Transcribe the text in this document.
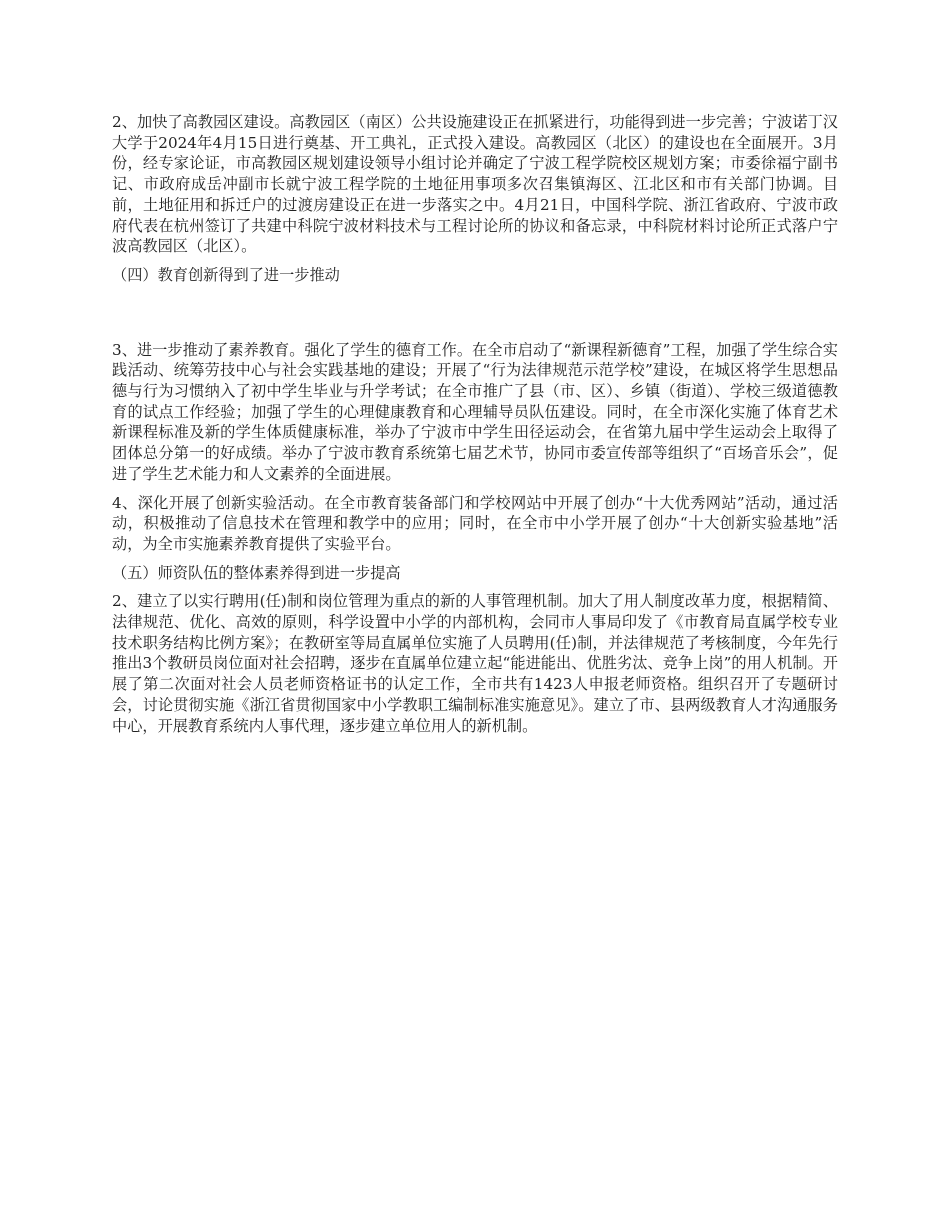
2、加快了高教园区建设。高教园区（南区）公共设施建设正在抓紧进行，功能得到进一步完善；宁波诺丁汉大学于2024年4月15日进行奠基、开工典礼，正式投入建设。高教园区（北区）的建设也在全面展开。3月份，经专家论证，市高教园区规划建设领导小组讨论并确定了宁波工程学院校区规划方案；市委徐福宁副书记、市政府成岳冲副市长就宁波工程学院的土地征用事项多次召集镇海区、江北区和市有关部门协调。目前，土地征用和拆迁户的过渡房建设正在进一步落实之中。4月21日，中国科学院、浙江省政府、宁波市政府代表在杭州签订了共建中科院宁波材料技术与工程讨论所的协议和备忘录，中科院材料讨论所正式落户宁波高教园区（北区）。

（四）教育创新得到了进一步推动

3、进一步推动了素养教育。强化了学生的德育工作。在全市启动了“新课程新德育”工程，加强了学生综合实践活动、统筹劳技中心与社会实践基地的建设；开展了“行为法律规范示范学校”建设，在城区将学生思想品德与行为习惯纳入了初中学生毕业与升学考试；在全市推广了县（市、区）、乡镇（街道）、学校三级道德教育的试点工作经验；加强了学生的心理健康教育和心理辅导员队伍建设。同时，在全市深化实施了体育艺术新课程标准及新的学生体质健康标准，举办了宁波市中学生田径运动会，在省第九届中学生运动会上取得了团体总分第一的好成绩。举办了宁波市教育系统第七届艺术节，协同市委宣传部等组织了“百场音乐会”，促进了学生艺术能力和人文素养的全面进展。

4、深化开展了创新实验活动。在全市教育装备部门和学校网站中开展了创办“十大优秀网站”活动，通过活动，积极推动了信息技术在管理和教学中的应用；同时，在全市中小学开展了创办“十大创新实验基地”活动，为全市实施素养教育提供了实验平台。

（五）师资队伍的整体素养得到进一步提高

2、建立了以实行聘用(任)制和岗位管理为重点的新的人事管理机制。加大了用人制度改革力度，根据精简、法律规范、优化、高效的原则，科学设置中小学的内部机构，会同市人事局印发了《市教育局直属学校专业技术职务结构比例方案》；在教研室等局直属单位实施了人员聘用(任)制，并法律规范了考核制度，今年先行推出3个教研员岗位面对社会招聘，逐步在直属单位建立起“能进能出、优胜劣汰、竞争上岗”的用人机制。开展了第二次面对社会人员老师资格证书的认定工作，全市共有1423人申报老师资格。组织召开了专题研讨会，讨论贯彻实施《浙江省贯彻国家中小学教职工编制标准实施意见》。建立了市、县两级教育人才沟通服务中心，开展教育系统内人事代理，逐步建立单位用人的新机制。
